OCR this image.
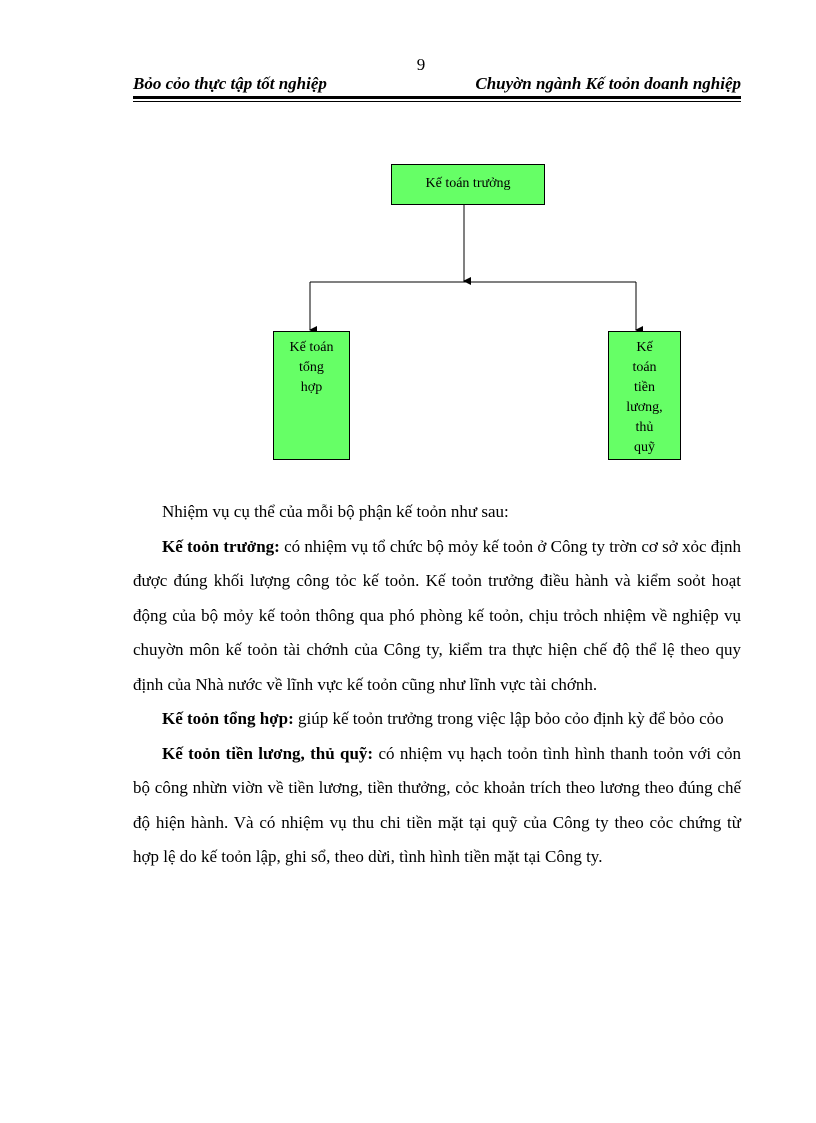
9
Bỏo cỏo thực tập tốt nghiệp	Chuyờn ngành Kế toỏn doanh nghiệp
Kế toán trưởng
Kế toán
tổng
hợp
Kế
toán
tiền
lương,
thủ
quỹ

Nhiệm vụ cụ thể của mỗi bộ phận kế toỏn như sau:

Kế toỏn trưởng: có nhiệm vụ tổ chức bộ mỏy kế toỏn ở Công ty trờn cơ sở xỏc định được đúng khối lượng công tỏc kế toỏn. Kế toỏn trưởng điều hành và kiểm soỏt hoạt động của bộ mỏy kế toỏn thông qua phó phòng kế toỏn, chịu trỏch nhiệm về nghiệp vụ chuyờn môn kế toỏn tài chớnh của Công ty, kiểm tra thực hiện chế độ thể lệ theo quy định của Nhà nước về lĩnh vực kế toỏn cũng như lĩnh vực tài chớnh.

Kế toỏn tổng hợp: giúp kế toỏn trưởng trong việc lập bỏo cỏo định kỳ để bỏo cỏo

Kế toỏn tiền lương, thủ quỹ: có nhiệm vụ hạch toỏn tình hình thanh toỏn với cỏn bộ công nhừn viờn về tiền lương, tiền thưởng, cỏc khoản trích theo lương theo đúng chế độ hiện hành. Và có nhiệm vụ thu chi tiền mặt tại quỹ của Công ty theo cỏc chứng từ hợp lệ do kế toỏn lập, ghi sổ, theo dừi, tình hình tiền mặt tại Công ty.
